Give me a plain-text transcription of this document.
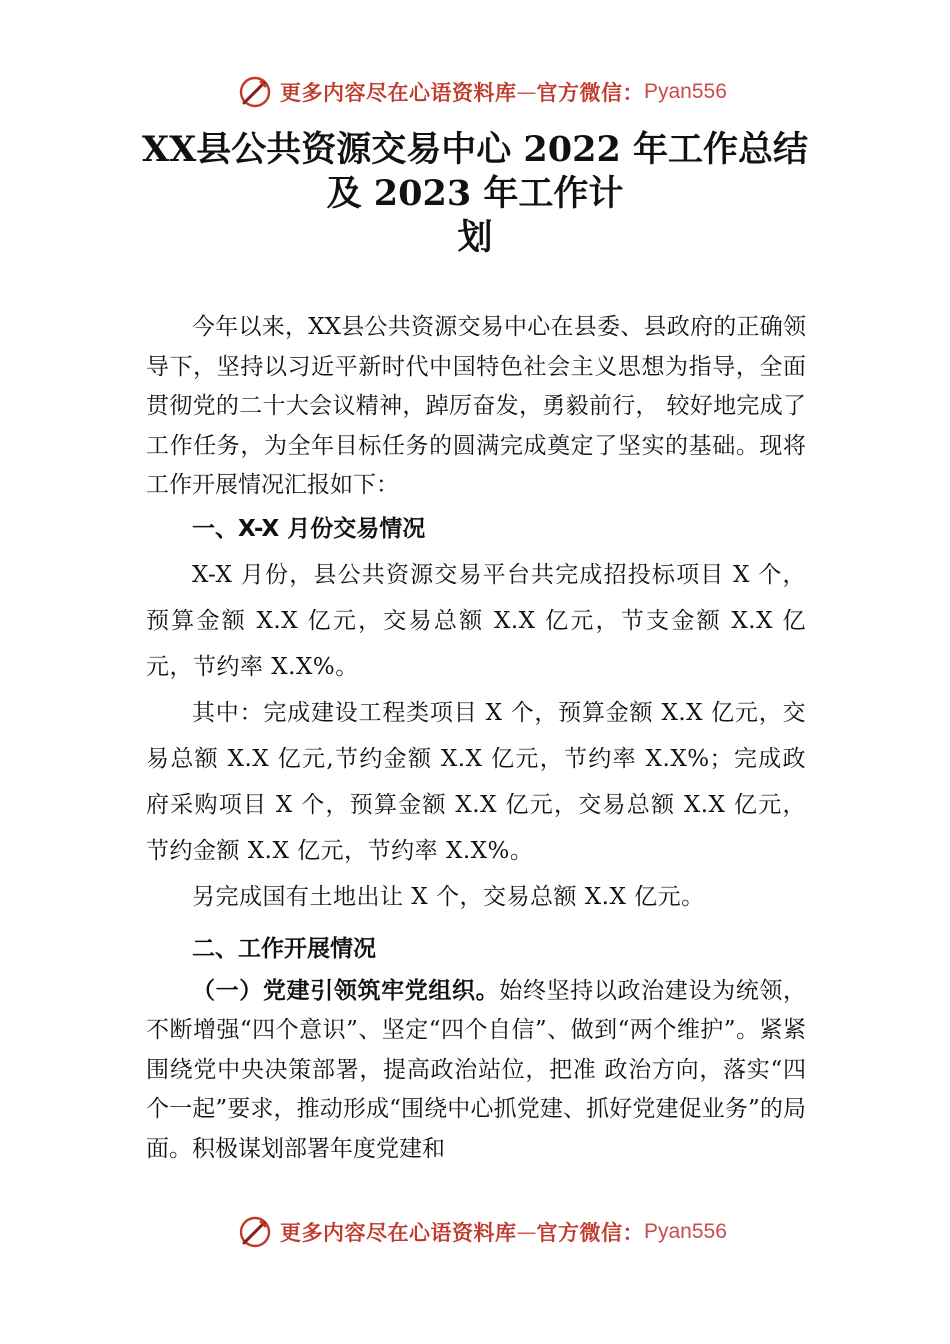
更多内容尽在心语资料库 — 官方微信： Pyan556
XX县公共资源交易中心 2022 年工作总结
及 2023 年工作计
划

今年以来，XX县公共资源交易中心在县委、县政府的正确领导下，坚持以习近平新时代中国特色社会主义思想为指导，全面贯彻党的二十大会议精神，踔厉奋发，勇毅前行， 较好地完成了工作任务，为全年目标任务的圆满完成奠定了坚实的基础。现将工作开展情况汇报如下：

一、X-X 月份交易情况

X-X 月份，县公共资源交易平台共完成招投标项目 X 个，预算金额 X.X 亿元，交易总额 X.X 亿元，节支金额 X.X 亿元，节约率 X.X%。

其中：完成建设工程类项目 X 个，预算金额 X.X 亿元，交易总额 X.X 亿元,节约金额 X.X 亿元，节约率 X.X%；完成政府采购项目 X 个，预算金额 X.X 亿元，交易总额 X.X 亿元，节约金额 X.X 亿元，节约率 X.X%。

另完成国有土地出让 X 个，交易总额 X.X 亿元。

二、工作开展情况

（一）党建引领筑牢党组织。始终坚持以政治建设为统领，不断增强“四个意识”、坚定“四个自信”、做到“两个维护”。紧紧围绕党中央决策部署，提高政治站位，把准 政治方向，落实“四个一起”要求，推动形成“围绕中心抓党建、抓好党建促业务”的局面。积极谋划部署年度党建和

更多内容尽在心语资料库 — 官方微信： Pyan556
